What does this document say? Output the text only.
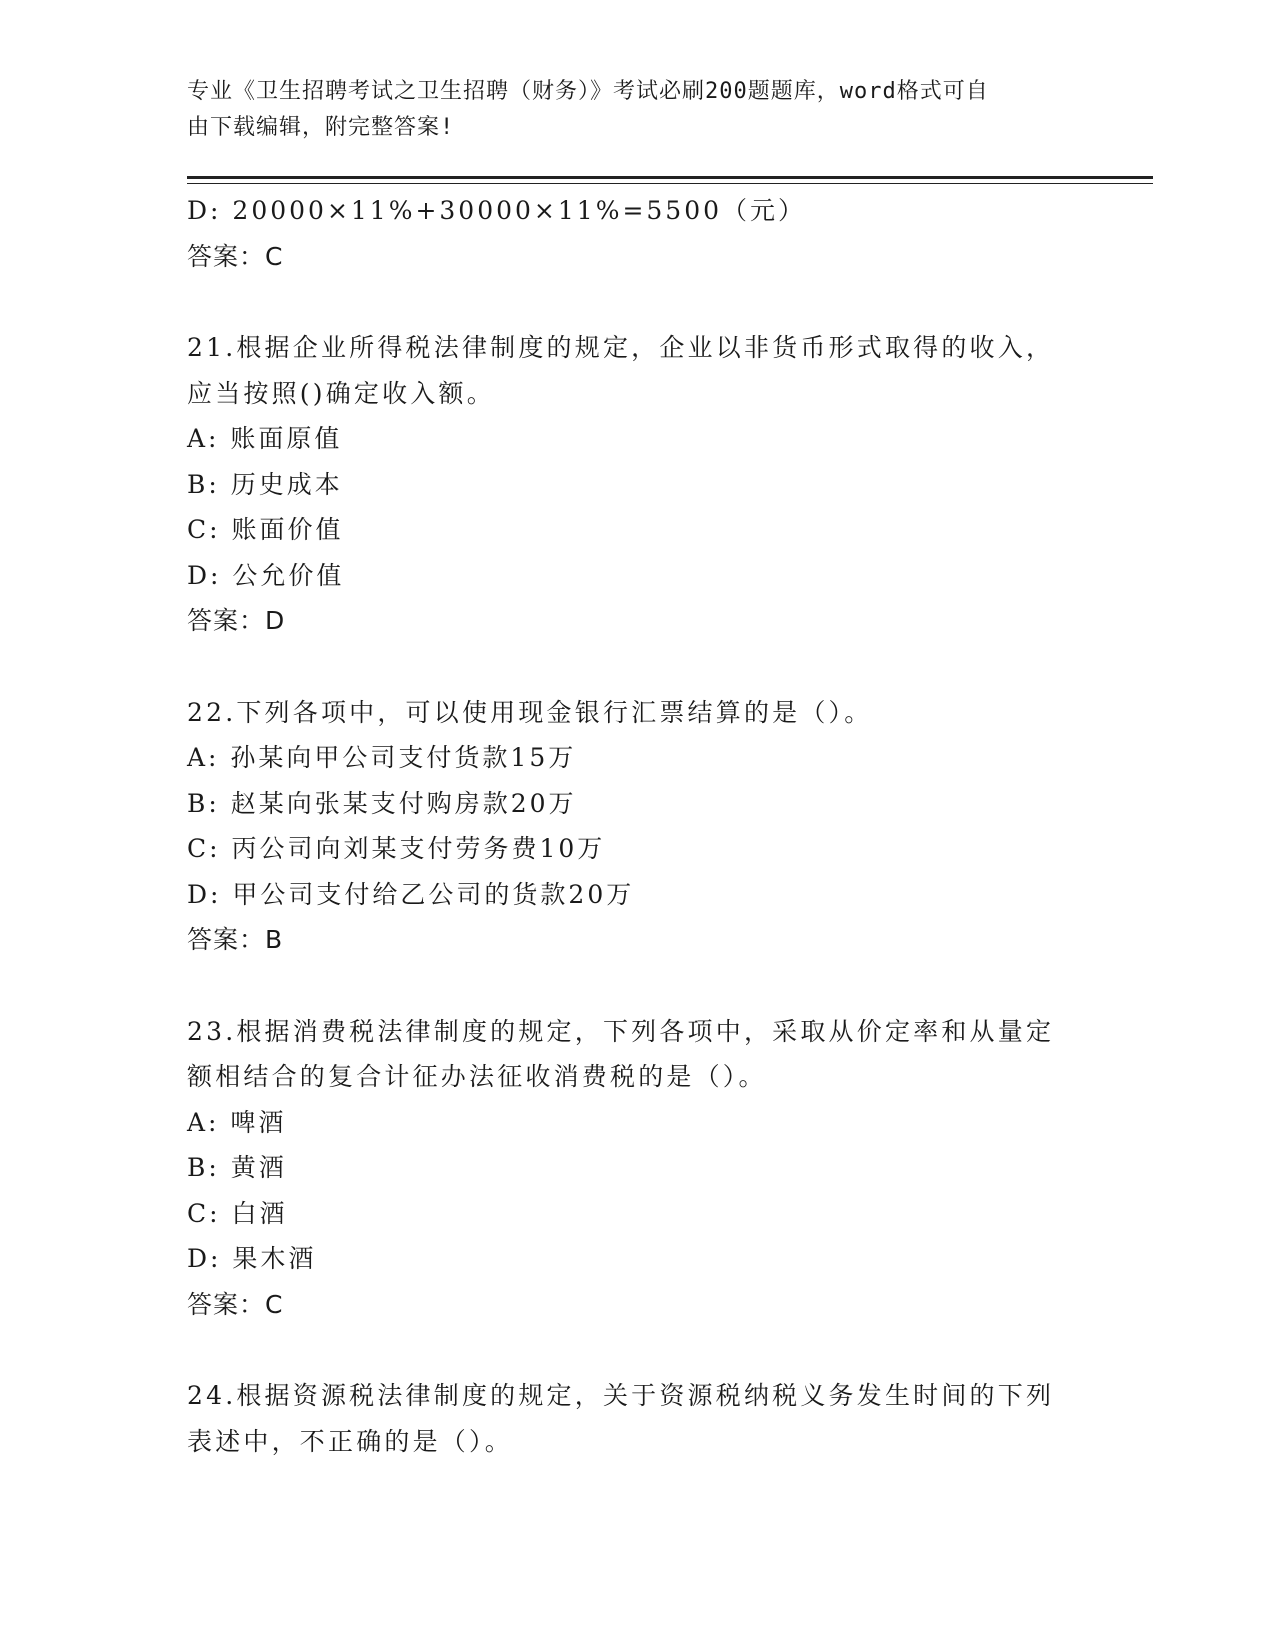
专业《卫生招聘考试之卫生招聘（财务）》考试必刷200题题库，word格式可自
由下载编辑，附完整答案!
D: 20000×11%+30000×11%=5500（元）
答案：C
21.根据企业所得税法律制度的规定，企业以非货币形式取得的收入，
应当按照()确定收入额。
A: 账面原值
B: 历史成本
C: 账面价值
D: 公允价值
答案：D
22.下列各项中，可以使用现金银行汇票结算的是（）。
A: 孙某向甲公司支付货款15万
B: 赵某向张某支付购房款20万
C: 丙公司向刘某支付劳务费10万
D: 甲公司支付给乙公司的货款20万
答案：B
23.根据消费税法律制度的规定，下列各项中，采取从价定率和从量定
额相结合的复合计征办法征收消费税的是（）。
A: 啤酒
B: 黄酒
C: 白酒
D: 果木酒
答案：C
24.根据资源税法律制度的规定，关于资源税纳税义务发生时间的下列
表述中，不正确的是（）。
